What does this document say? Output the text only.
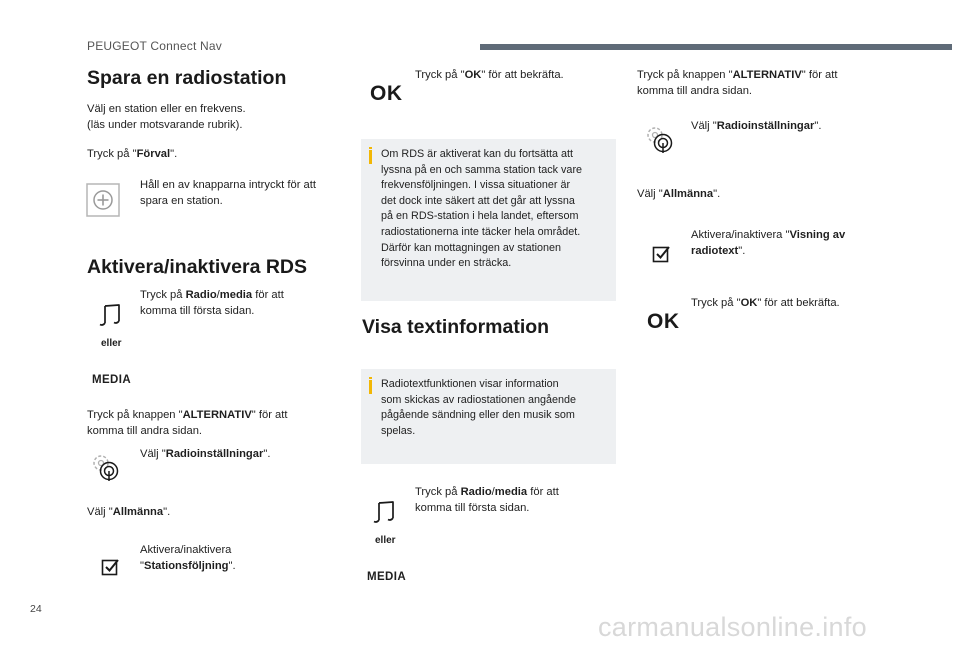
PEUGEOT Connect Nav
Spara en radiostation
Välj en station eller en frekvens.
(läs under motsvarande rubrik).
Tryck på "Förval".
Håll en av knapparna intryckt för att
spara en station.
Aktivera/inaktivera RDS
Tryck på Radio/media för att
komma till första sidan.
eller
MEDIA
Tryck på knappen "ALTERNATIV" för att
komma till andra sidan.
Välj "Radioinställningar".
Välj "Allmänna".
Aktivera/inaktivera
"Stationsföljning".
OK
Tryck på "OK" för att bekräfta.
Om RDS är aktiverat kan du fortsätta att
lyssna på en och samma station tack vare
frekvensföljningen. I vissa situationer är
det dock inte säkert att det går att lyssna
på en RDS-station i hela landet, eftersom
radiostationerna inte täcker hela området.
Därför kan mottagningen av stationen
försvinna under en sträcka.
Visa textinformation
Radiotextfunktionen visar information
som skickas av radiostationen angående
pågående sändning eller den musik som
spelas.
Tryck på Radio/media för att
komma till första sidan.
eller
MEDIA
Tryck på knappen "ALTERNATIV" för att
komma till andra sidan.
Välj "Radioinställningar".
Välj "Allmänna".
Aktivera/inaktivera "Visning av
radiotext".
OK
Tryck på "OK" för att bekräfta.
24
carmanualsonline.info
